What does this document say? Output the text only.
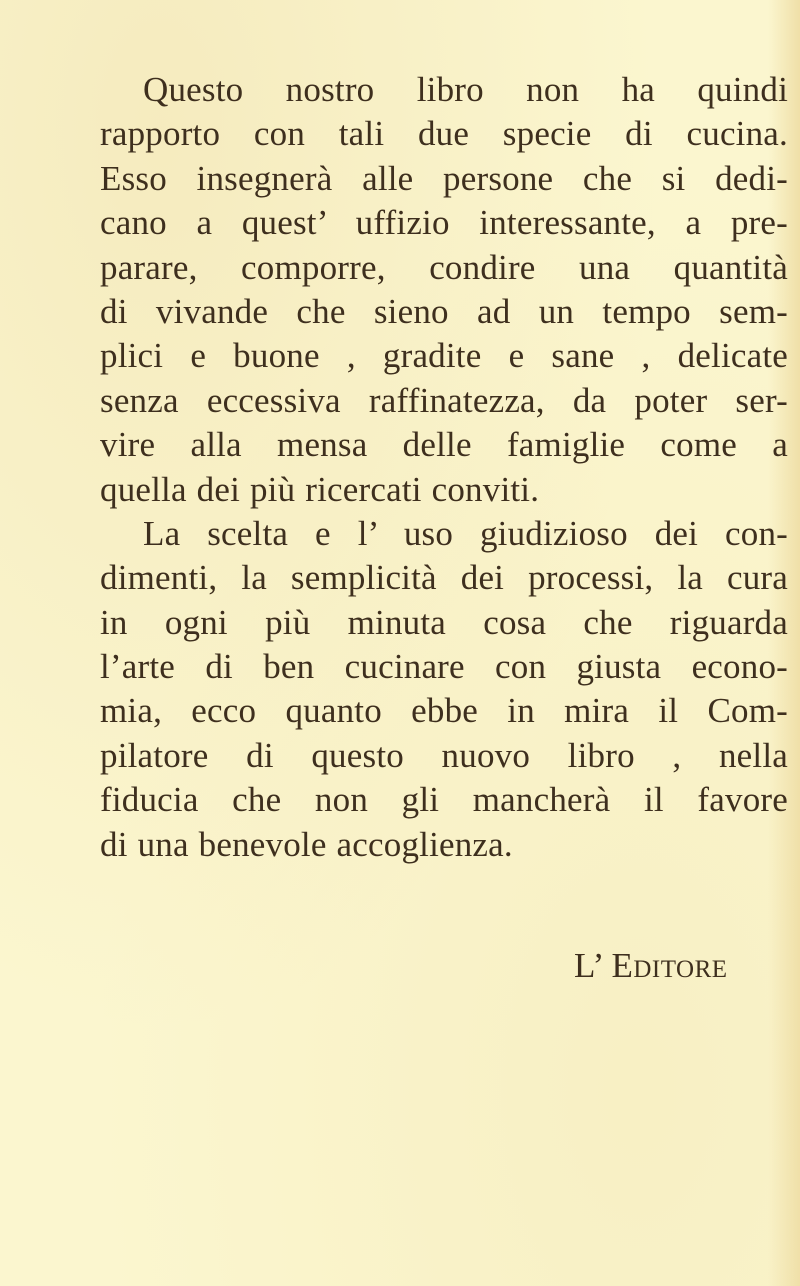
Questo nostro libro non ha quindi
rapporto con tali due specie di cucina.
Esso insegnerà alle persone che si dedi-
cano a quest’ uffizio interessante, a pre-
parare, comporre, condire una quantità
di vivande che sieno ad un tempo sem-
plici e buone , gradite e sane , delicate
senza eccessiva raffinatezza, da poter ser-
vire alla mensa delle famiglie come a
quella dei più ricercati conviti.

La scelta e l’ uso giudizioso dei con-
dimenti, la semplicità dei processi, la cura
in ogni più minuta cosa che riguarda
l’arte di ben cucinare con giusta econo-
mia, ecco quanto ebbe in mira il Com-
pilatore di questo nuovo libro , nella
fiducia che non gli mancherà il favore
di una benevole accoglienza.

L’ Editore
